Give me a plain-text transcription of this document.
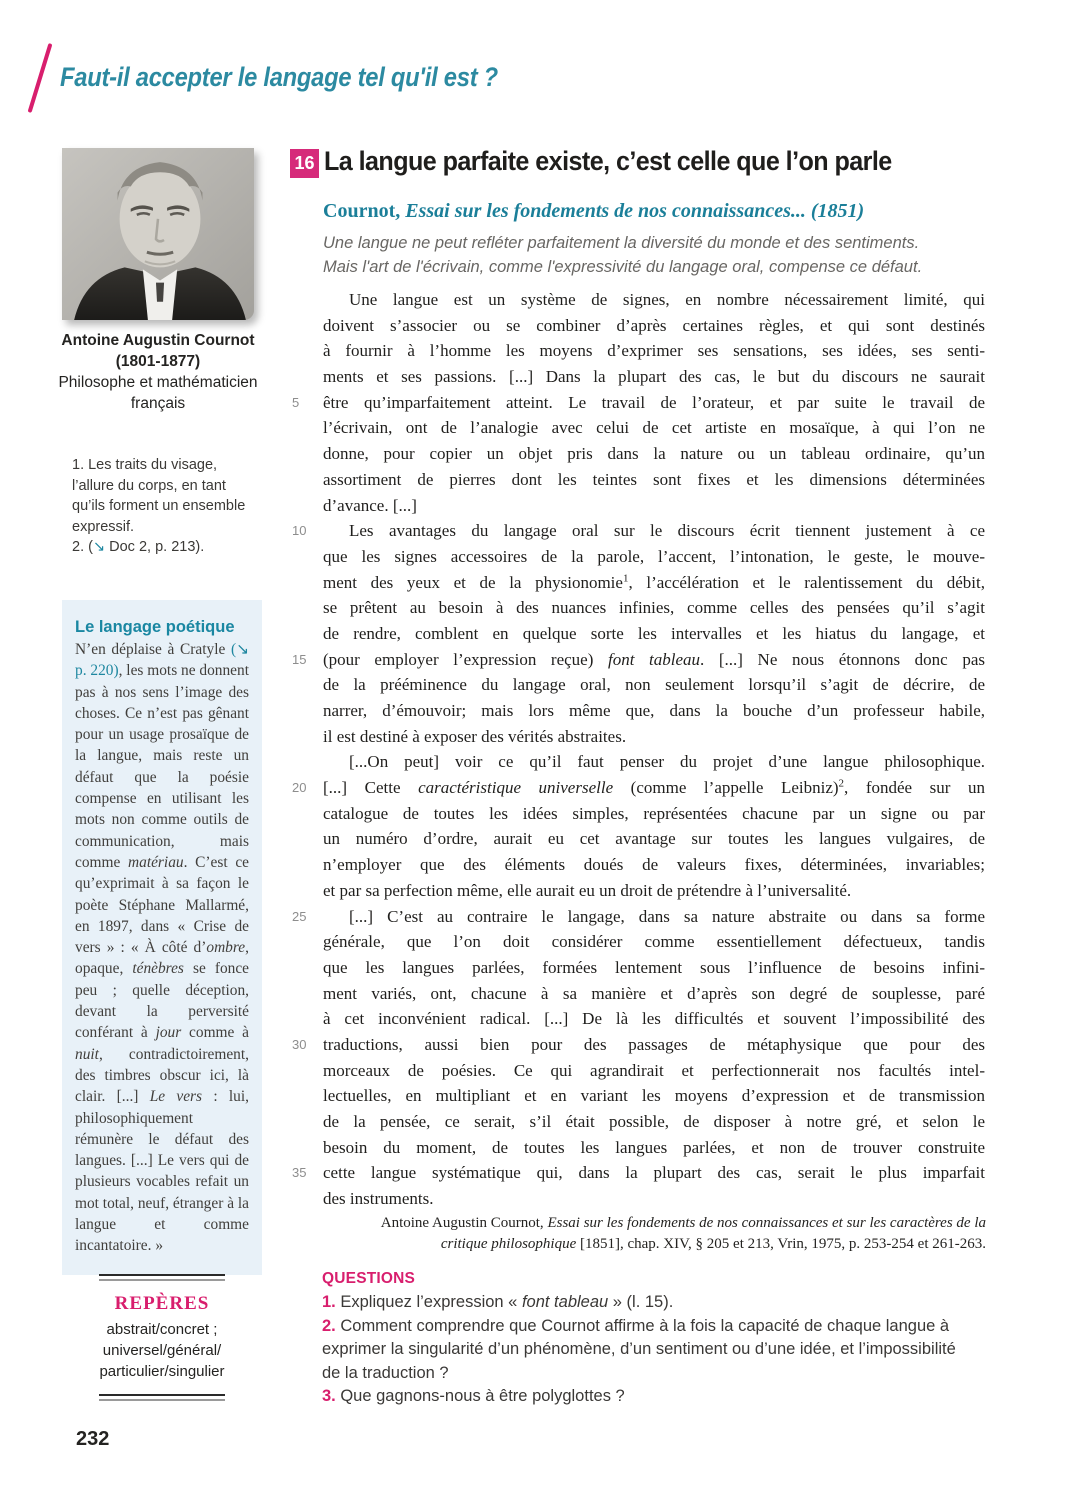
Faut-il accepter le langage tel qu'il est ?
Antoine Augustin Cournot (1801-1877)
Philosophe et mathématicien français
1. Les traits du visage, l’allure du corps, en tant qu’ils forment un ensemble expressif.
2. (↘ Doc 2, p. 213).
Le langage poétique
N’en déplaise à Cratyle (↘ p. 220), les mots ne donnent pas à nos sens l’image des choses. Ce n’est pas gênant pour un usage prosaïque de la langue, mais reste un défaut que la poésie compense en utilisant les mots non comme outils de communication, mais comme matériau. C’est ce qu’exprimait à sa façon le poète Stéphane Mallarmé, en 1897, dans « Crise de vers » : « À côté d’ombre, opaque, ténèbres se fonce peu ; quelle déception, devant la perversité conférant à jour comme à nuit, contradictoirement, des timbres obscur ici, là clair. [...] Le vers : lui, philosophiquement rémunère le défaut des langues. [...] Le vers qui de plusieurs vocables refait un mot total, neuf, étranger à la langue et comme incantatoire. »
REPÈRES
abstrait/concret ;
universel/général/
particulier/singulier
232
16 La langue parfaite existe, c’est celle que l’on parle
Cournot, Essai sur les fondements de nos connaissances... (1851)
Une langue ne peut refléter parfaitement la diversité du monde et des sentiments.
Mais l'art de l'écrivain, comme l'expressivité du langage oral, compense ce défaut.
Une langue est un système de signes, en nombre nécessairement limité, qui
doivent s’associer ou se combiner d’après certaines règles, et qui sont destinés
à fournir à l’homme les moyens d’exprimer ses sensations, ses idées, ses senti-
ments et ses passions. [...] Dans la plupart des cas, le but du discours ne saurait
5	être qu’imparfaitement atteint. Le travail de l’orateur, et par suite le travail de
l’écrivain, ont de l’analogie avec celui de cet artiste en mosaïque, à qui l’on ne
donne, pour copier un objet pris dans la nature ou un tableau ordinaire, qu’un
assortiment de pierres dont les teintes sont fixes et les dimensions déterminées
d’avance. [...]
10	Les avantages du langage oral sur le discours écrit tiennent justement à ce
que les signes accessoires de la parole, l’accent, l’intonation, le geste, le mouve-
ment des yeux et de la physionomie$^1$, l’accélération et le ralentissement du débit,
se prêtent au besoin à des nuances infinies, comme celles des pensées qu’il s’agit
de rendre, comblent en quelque sorte les intervalles et les hiatus du langage, et
15 (pour employer l’expression reçue) font tableau. [...] Ne nous étonnons donc pas
de la prééminence du langage oral, non seulement lorsqu’il s’agit de décrire, de
narrer, d’émouvoir; mais lors même que, dans la bouche d’un professeur habile,
il est destiné à exposer des vérités abstraites.
[...On peut] voir ce qu’il faut penser du projet d’une langue philosophique.
20 [...] Cette caractéristique universelle (comme l’appelle Leibniz)$^2$, fondée sur un
catalogue de toutes les idées simples, représentées chacune par un signe ou par
un numéro d’ordre, aurait eu cet avantage sur toutes les langues vulgaires, de
n’employer que des éléments doués de valeurs fixes, déterminées, invariables;
et par sa perfection même, elle aurait eu un droit de prétendre à l’universalité.
25	[...] C’est au contraire le langage, dans sa nature abstraite ou dans sa forme
générale, que l’on doit considérer comme essentiellement défectueux, tandis
que les langues parlées, formées lentement sous l’influence de besoins infini-
ment variés, ont, chacune à sa manière et d’après son degré de souplesse, paré
à cet inconvénient radical. [...] De là les difficultés et souvent l’impossibilité des
30 traductions, aussi bien pour des passages de métaphysique que pour des
morceaux de poésies. Ce qui agrandirait et perfectionnerait nos facultés intel-
lectuelles, en multipliant et en variant les moyens d’expression et de transmission
de la pensée, ce serait, s’il était possible, de disposer à notre gré, et selon le
besoin du moment, de toutes les langues parlées, et non de trouver construite
35 cette langue systématique qui, dans la plupart des cas, serait le plus imparfait
des instruments.
Antoine Augustin Cournot, Essai sur les fondements de nos connaissances et sur les caractères de la critique philosophique [1851], chap. XIV, § 205 et 213, Vrin, 1975, p. 253-254 et 261-263.
QUESTIONS
1. Expliquez l’expression « font tableau » (l. 15).
2. Comment comprendre que Cournot affirme à la fois la capacité de chaque langue à exprimer la singularité d’un phénomène, d’un sentiment ou d’une idée, et l’impossibilité de la traduction ?
3. Que gagnons-nous à être polyglottes ?
